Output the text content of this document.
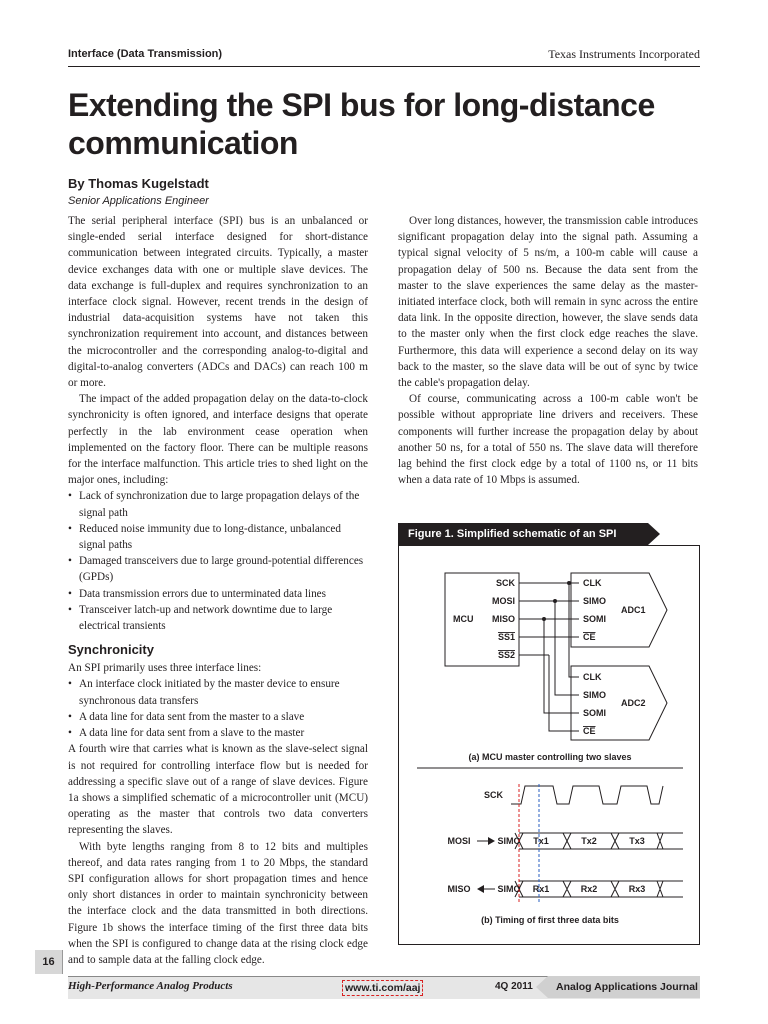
Interface (Data Transmission)	Texas Instruments Incorporated
Extending the SPI bus for long-distance communication
By Thomas Kugelstadt
Senior Applications Engineer

The serial peripheral interface (SPI) bus is an unbalanced or single-ended serial interface designed for short-distance communication between integrated circuits. Typically, a master device exchanges data with one or multiple slave devices. The data exchange is full-duplex and requires synchronization to an interface clock signal. However, recent trends in the design of industrial data-acquisition systems have not taken this synchronization requirement into account, and distances between the microcontroller and the corresponding analog-to-digital and digital-to-analog converters (ADCs and DACs) can reach 100 m or more.

The impact of the added propagation delay on the data-to-clock synchronicity is often ignored, and interface designs that operate perfectly in the lab environment cease operation when implemented on the factory floor. There can be multiple reasons for the interface malfunction. This article tries to shed light on the major ones, including:

• Lack of synchronization due to large propagation delays of the signal path
• Reduced noise immunity due to long-distance, unbalanced signal paths
• Damaged transceivers due to large ground-potential differences (GPDs)
• Data transmission errors due to unterminated data lines
• Transceiver latch-up and network downtime due to large electrical transients
Synchronicity

An SPI primarily uses three interface lines:

• An interface clock initiated by the master device to ensure synchronous data transfers
• A data line for data sent from the master to a slave
• A data line for data sent from a slave to the master

A fourth wire that carries what is known as the slave-select signal is not required for controlling interface flow but is needed for addressing a specific slave out of a range of slave devices. Figure 1a shows a simplified schematic of a microcontroller unit (MCU) operating as the master that controls two data converters representing the slaves.

With byte lengths ranging from 8 to 12 bits and multiples thereof, and data rates ranging from 1 to 20 Mbps, the standard SPI configuration allows for short propagation times and hence only short distances in order to maintain synchronicity between the interface clock and the data transmitted in both directions. Figure 1b shows the interface timing of the first three data bits when the SPI is configured to change data at the rising clock edge and to sample data at the falling clock edge.

Over long distances, however, the transmission cable introduces significant propagation delay into the signal path. Assuming a typical signal velocity of 5 ns/m, a 100-m cable will cause a propagation delay of 500 ns. Because the data sent from the master to the slave experiences the same delay as the master-initiated interface clock, both will remain in sync across the entire data link. In the opposite direction, however, the slave sends data to the master only when the first clock edge reaches the slave. Furthermore, this data will experience a second delay on its way back to the master, so the slave data will be out of sync by twice the cable's propagation delay.

Of course, communicating across a 100-m cable won't be possible without appropriate line drivers and receivers. These components will further increase the propagation delay by about another 50 ns, for a total of 550 ns. The slave data will therefore lag behind the first clock edge by a total of 1100 ns, or 11 bits when a data rate of 10 Mbps is assumed.

Figure 1. Simplified schematic of an SPI
MCU
SCK
MOSI
MISO
SS1
SS2
CLK
SIMO
SOMI
CE
ADC1
CLK
SIMO
SOMI
CE
ADC2
(a) MCU master controlling two slaves
SCK
MOSI	SIMO Tx1	Tx2	Tx3
MISO	SIMO Rx1	Rx2	Rx3
(b) Timing of first three data bits
16
High-Performance Analog Products	www.ti.com/aaj	4Q 2011	Analog Applications Journal
